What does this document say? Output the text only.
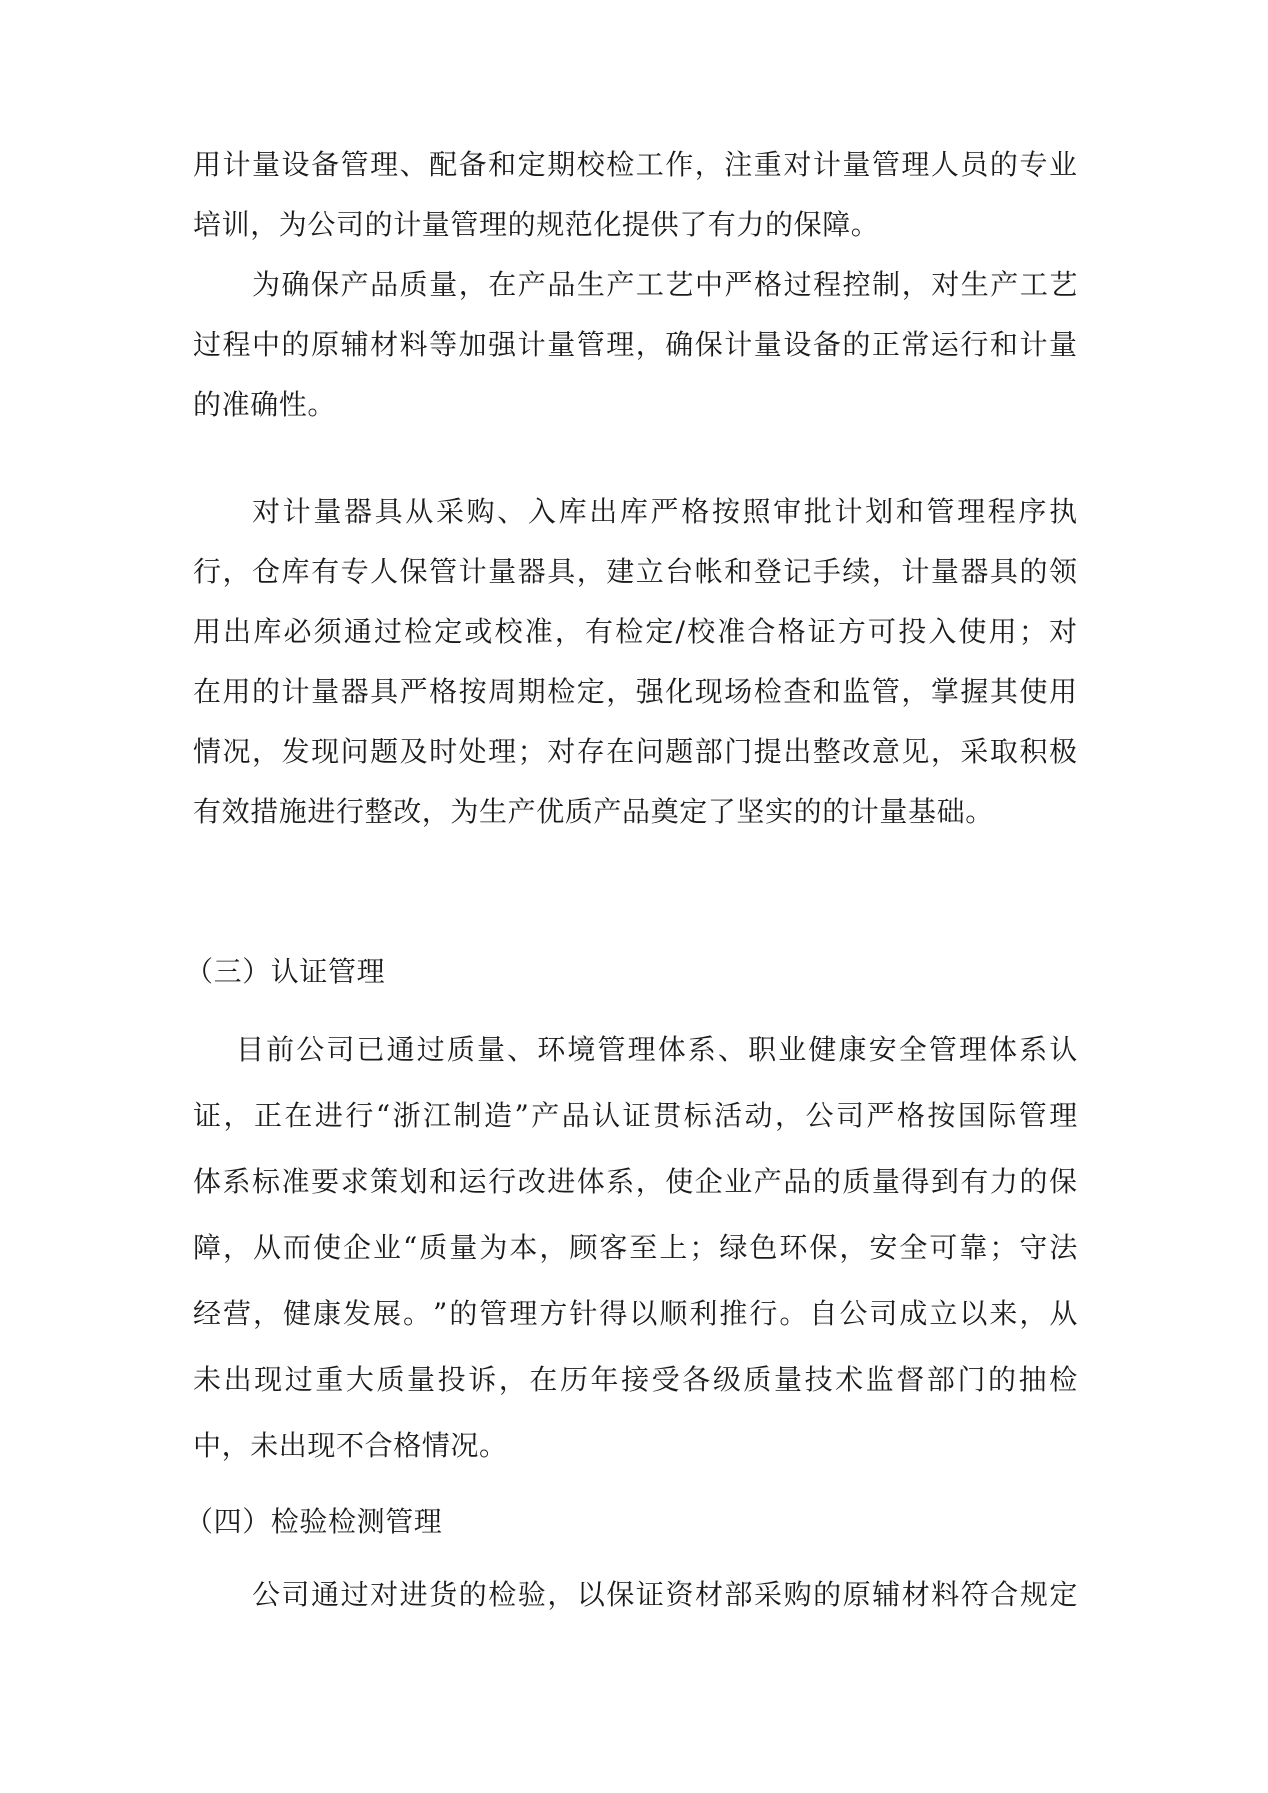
用 计 量 设 备 管 理 、 配 备 和 定 期 校 检 工 作 ， 注 重 对 计 量 管 理 人 员 的 专 业
培训，为公司的计量管理的规范化提供了有力的保障。
为 确 保 产 品 质 量 ， 在 产 品 生 产 工 艺 中 严 格 过 程 控 制 ， 对 生 产 工 艺
过 程 中 的 原 辅 材 料 等 加 强 计 量 管 理 ， 确 保 计 量 设 备 的 正 常 运 行 和 计 量
的准确性。
对 计 量 器 具 从 采 购 、 入 库 出 库 严 格 按 照 审 批 计 划 和 管 理 程 序 执
行 ， 仓 库 有 专 人 保 管 计 量 器 具 ， 建 立 台 帐 和 登 记 手 续 ， 计 量 器 具 的 领
用 出 库 必 须 通 过 检 定 或 校 准 ， 有 检 定 / 校 准 合 格 证 方 可 投 入 使 用 ； 对
在 用 的 计 量 器 具 严 格 按 周 期 检 定 ， 强 化 现 场 检 查 和 监 管 ， 掌 握 其 使 用
情 况 ， 发 现 问 题 及 时 处 理 ； 对 存 在 问 题 部 门 提 出 整 改 意 见 ， 采 取 积 极
有效措施进行整改，为生产优质产品奠定了坚实的的计量基础。
（三）认证管理
目 前 公 司 已 通 过 质 量 、 环 境 管 理 体 系 、 职 业 健 康 安 全 管 理 体 系 认
证 ， 正 在 进 行 “ 浙 江 制 造 ” 产 品 认 证 贯 标 活 动 ， 公 司 严 格 按 国 际 管 理
体 系 标 准 要 求 策 划 和 运 行 改 进 体 系 ， 使 企 业 产 品 的 质 量 得 到 有 力 的 保
障 ， 从 而 使 企 业 “ 质 量 为 本 ， 顾 客 至 上 ； 绿 色 环 保 ， 安 全 可 靠 ； 守 法
经 营 ， 健 康 发 展 。 ” 的 管 理 方 针 得 以 顺 利 推 行 。 自 公 司 成 立 以 来 ， 从
未 出 现 过 重 大 质 量 投 诉 ， 在 历 年 接 受 各 级 质 量 技 术 监 督 部 门 的 抽 检
中，未出现不合格情况。
（四）检验检测管理
公 司 通 过 对 进 货 的 检 验 ， 以 保 证 资 材 部 采 购 的 原 辅 材 料 符 合 规 定
